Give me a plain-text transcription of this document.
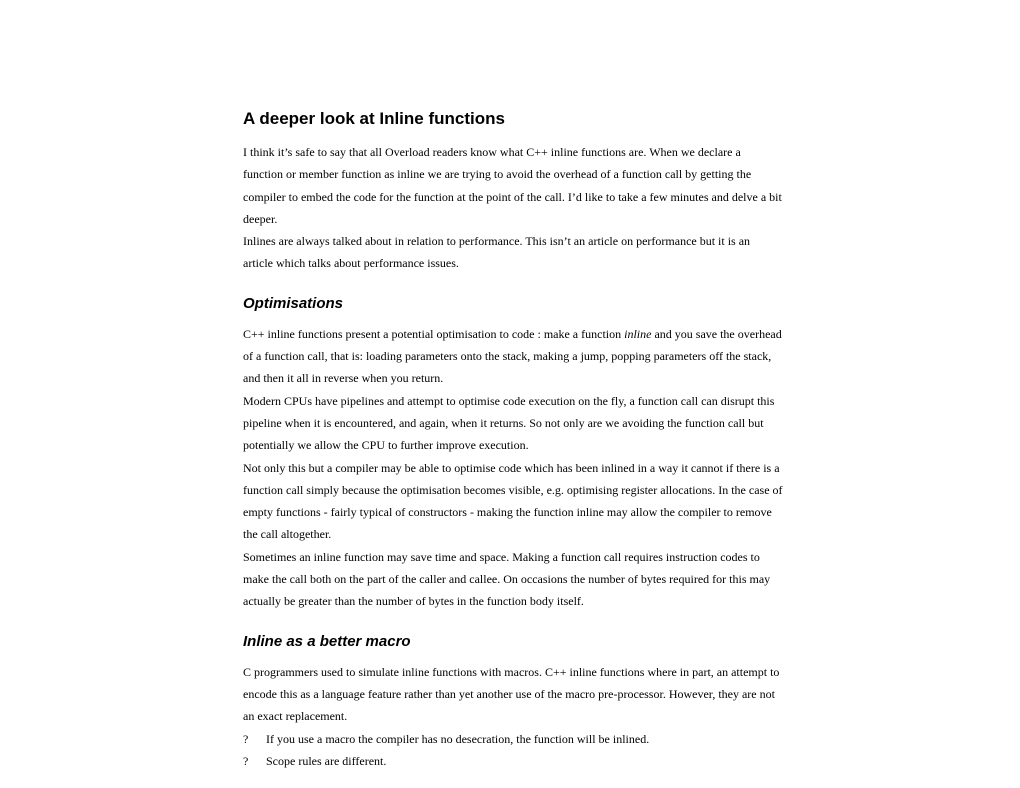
A deeper look at Inline functions

I think it’s safe to say that all Overload readers know what C++ inline functions are. When we declare a function or member function as inline we are trying to avoid the overhead of a function call by getting the compiler to embed the code for the function at the point of the call. I’d like to take a few minutes and delve a bit deeper.

Inlines are always talked about in relation to performance. This isn’t an article on performance but it is an article which talks about performance issues.

Optimisations

C++ inline functions present a potential optimisation to code : make a function inline and you save the overhead of a function call, that is: loading parameters onto the stack, making a jump, popping parameters off the stack, and then it all in reverse when you return.

Modern CPUs have pipelines and attempt to optimise code execution on the fly, a function call can disrupt this pipeline when it is encountered, and again, when it returns. So not only are we avoiding the function call but potentially we allow the CPU to further improve execution.

Not only this but a compiler may be able to optimise code which has been inlined in a way it cannot if there is a function call simply because the optimisation becomes visible, e.g. optimising register allocations. In the case of empty functions - fairly typical of constructors - making the function inline may allow the compiler to remove the call altogether.

Sometimes an inline function may save time and space. Making a function call requires instruction codes to make the call both on the part of the caller and callee. On occasions the number of bytes required for this may actually be greater than the number of bytes in the function body itself.

Inline as a better macro

C programmers used to simulate inline functions with macros. C++ inline functions where in part, an attempt to encode this as a language feature rather than yet another use of the macro pre-processor. However, they are not an exact replacement.

?	If you use a macro the compiler has no desecration, the function will be inlined.
?	Scope rules are different.
